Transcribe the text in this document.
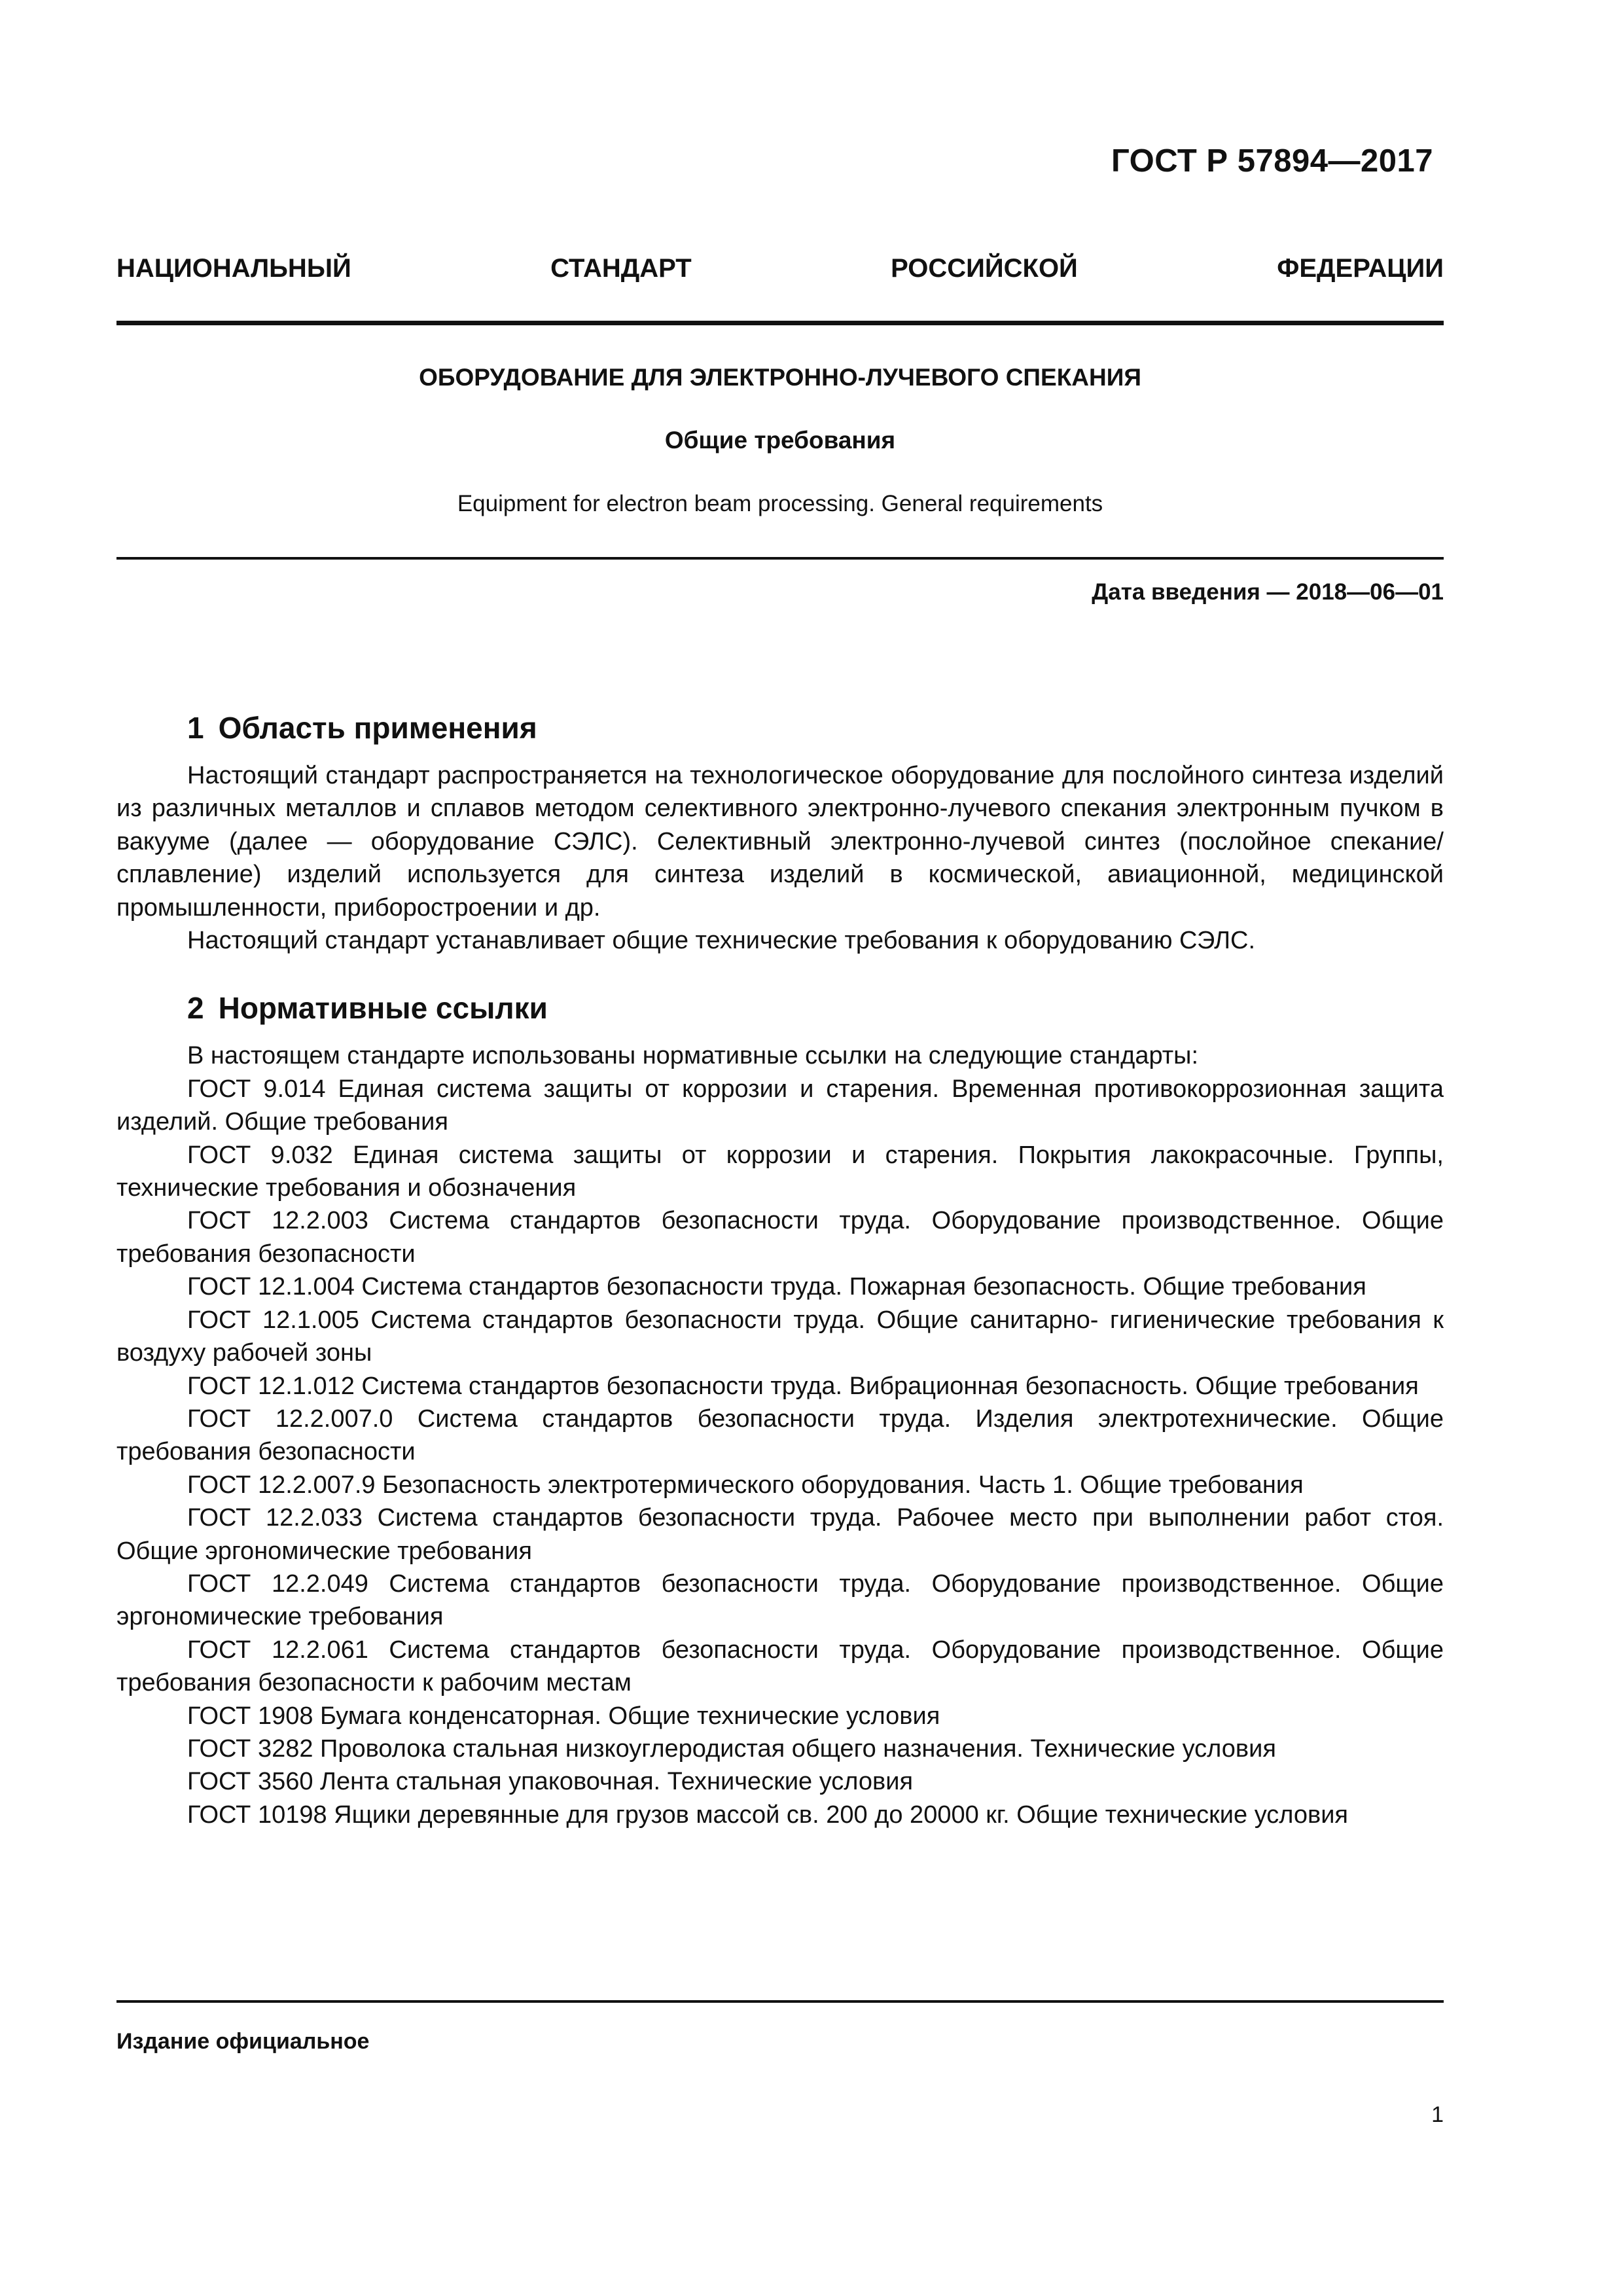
ГОСТ Р 57894—2017
НАЦИОНАЛЬНЫЙ СТАНДАРТ РОССИЙСКОЙ ФЕДЕРАЦИИ
ОБОРУДОВАНИЕ ДЛЯ ЭЛЕКТРОННО-ЛУЧЕВОГО СПЕКАНИЯ
Общие требования
Equipment for electron beam processing. General requirements
Дата введения — 2018—06—01
1 Область применения

Настоящий стандарт распространяется на технологическое оборудование для послойного синтеза изделий из различных металлов и сплавов методом селективного электронно-лучевого спекания электронным пучком в вакууме (далее — оборудование СЭЛС). Селективный электронно-лучевой синтез (послойное спекание/сплавление) изделий используется для синтеза изделий в космической, авиационной, медицинской промышленности, приборостроении и др.

Настоящий стандарт устанавливает общие технические требования к оборудованию СЭЛС.

2 Нормативные ссылки

В настоящем стандарте использованы нормативные ссылки на следующие стандарты:

ГОСТ 9.014 Единая система защиты от коррозии и старения. Временная противокоррозионная защита изделий. Общие требования

ГОСТ 9.032 Единая система защиты от коррозии и старения. Покрытия лакокрасочные. Группы, технические требования и обозначения

ГОСТ 12.2.003 Система стандартов безопасности труда. Оборудование производственное. Общие требования безопасности

ГОСТ 12.1.004 Система стандартов безопасности труда. Пожарная безопасность. Общие требования

ГОСТ 12.1.005 Система стандартов безопасности труда. Общие санитарно- гигиенические требования к воздуху рабочей зоны

ГОСТ 12.1.012 Система стандартов безопасности труда. Вибрационная безопасность. Общие требования

ГОСТ 12.2.007.0 Система стандартов безопасности труда. Изделия электротехнические. Общие требования безопасности

ГОСТ 12.2.007.9 Безопасность электротермического оборудования. Часть 1. Общие требования

ГОСТ 12.2.033 Система стандартов безопасности труда. Рабочее место при выполнении работ стоя. Общие эргономические требования

ГОСТ 12.2.049 Система стандартов безопасности труда. Оборудование производственное. Общие эргономические требования

ГОСТ 12.2.061 Система стандартов безопасности труда. Оборудование производственное. Общие требования безопасности к рабочим местам

ГОСТ 1908 Бумага конденсаторная. Общие технические условия

ГОСТ 3282 Проволока стальная низкоуглеродистая общего назначения. Технические условия

ГОСТ 3560 Лента стальная упаковочная. Технические условия

ГОСТ 10198 Ящики деревянные для грузов массой св. 200 до 20000 кг. Общие технические условия

Издание официальное
1
